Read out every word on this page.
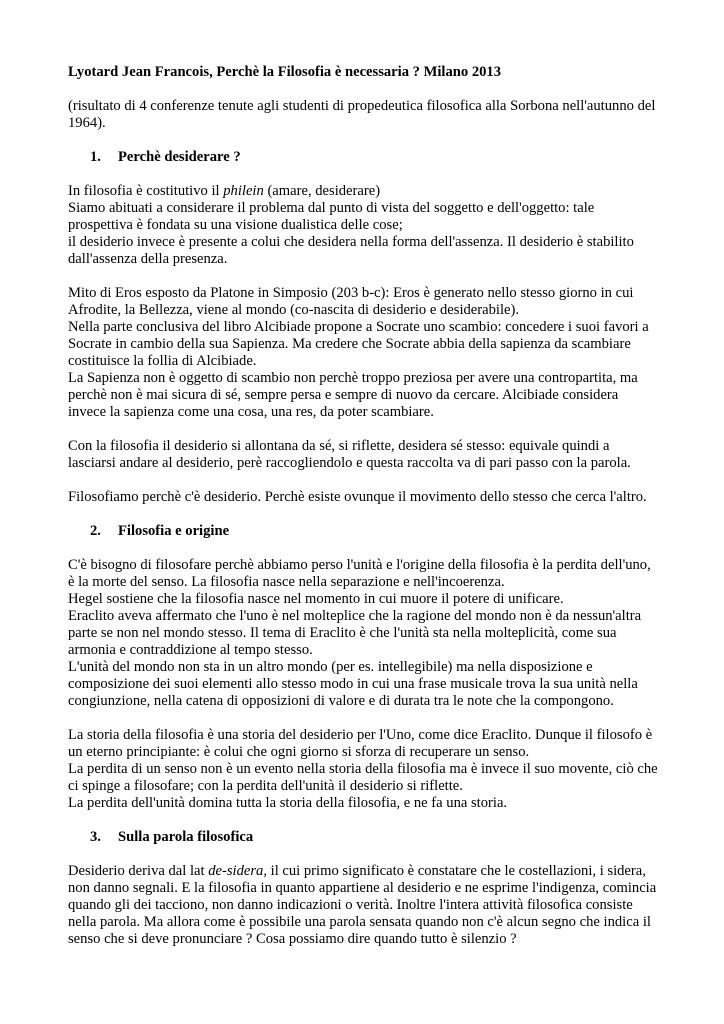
Lyotard Jean Francois, Perchè la Filosofia è necessaria ? Milano 2013

(risultato di 4 conferenze tenute agli studenti di propedeutica filosofica alla Sorbona nell'autunno del 1964).

1. Perchè desiderare ?

In filosofia è costitutivo il philein (amare, desiderare)
Siamo abituati a considerare il problema dal punto di vista del soggetto e dell'oggetto: tale prospettiva è fondata su una visione dualistica delle cose;
il desiderio invece è presente a colui che desidera nella forma dell'assenza. Il desiderio è stabilito dall'assenza della presenza.

Mito di Eros esposto da Platone in Simposio (203 b-c): Eros è generato nello stesso giorno in cui Afrodite, la Bellezza, viene al mondo (co-nascita di desiderio e desiderabile).
Nella parte conclusiva del libro Alcibiade propone a Socrate uno scambio: concedere i suoi favori a Socrate in cambio della sua Sapienza. Ma credere che Socrate abbia della sapienza da scambiare costituisce la follia di Alcibiade.
La Sapienza non è oggetto di scambio non perchè troppo preziosa per avere una contropartita, ma perchè non è mai sicura di sé, sempre persa e sempre di nuovo da cercare. Alcibiade considera invece la sapienza come una cosa, una res, da poter scambiare.

Con la filosofia il desiderio si allontana da sé, si riflette, desidera sé stesso: equivale quindi a lasciarsi andare al desiderio, perè raccogliendolo e questa raccolta va di pari passo con la parola.

Filosofiamo perchè c'è desiderio. Perchè esiste ovunque il movimento dello stesso che cerca l'altro.

2. Filosofia e origine

C'è bisogno di filosofare perchè abbiamo perso l'unità e l'origine della filosofia è la perdita dell'uno, è la morte del senso. La filosofia nasce nella separazione e nell'incoerenza.
Hegel sostiene che la filosofia nasce nel momento in cui muore il potere di unificare.
Eraclito aveva affermato che l'uno è nel molteplice che la ragione del mondo non è da nessun'altra parte se non nel mondo stesso. Il tema di Eraclito è che l'unità sta nella molteplicità, come sua armonia e contraddizione al tempo stesso.
L'unità del mondo non sta in un altro mondo (per es. intellegibile) ma nella disposizione e composizione dei suoi elementi allo stesso modo in cui una frase musicale trova la sua unità nella congiunzione, nella catena di opposizioni di valore e di durata tra le note che la compongono.

La storia della filosofia è una storia del desiderio per l'Uno, come dice Eraclito. Dunque il filosofo è un eterno principiante: è colui che ogni giorno si sforza di recuperare un senso.
La perdita di un senso non è un evento nella storia della filosofia ma è invece il suo movente, ciò che ci spinge a filosofare; con la perdita dell'unità il desiderio si riflette.
La perdita dell'unità domina tutta la storia della filosofia, e ne fa una storia.

3. Sulla parola filosofica

Desiderio deriva dal lat de-sidera, il cui primo significato è constatare che le costellazioni, i sidera, non danno segnali. E la filosofia in quanto appartiene al desiderio e ne esprime l'indigenza, comincia quando gli dei tacciono, non danno indicazioni o verità. Inoltre l'intera attività filosofica consiste nella parola. Ma allora come è possibile una parola sensata quando non c'è alcun segno che indica il senso che si deve pronunciare ? Cosa possiamo dire quando tutto è silenzio ?
